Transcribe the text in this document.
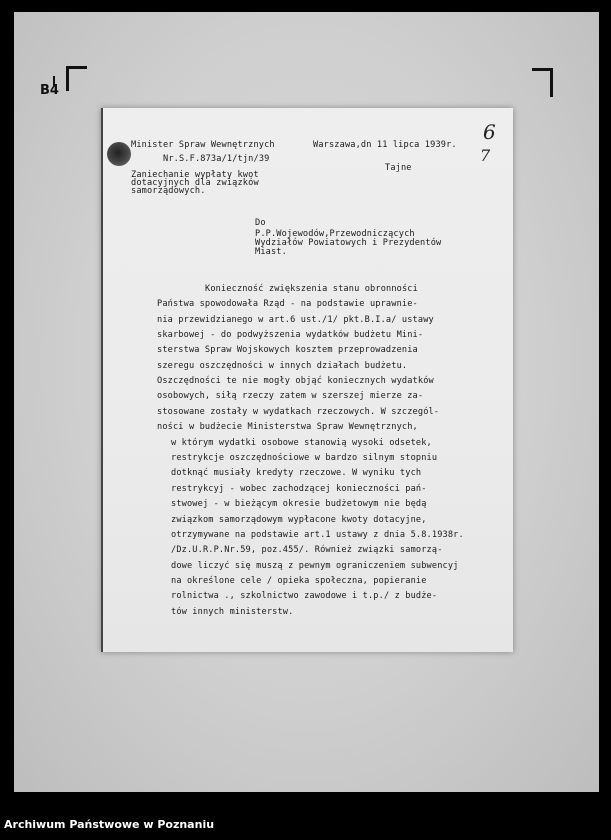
B4
Minister Spraw Wewnętrznych	Warszawa,dn 11 lipca 1939r.
6
7
Nr.S.F.873a/1/tjn/39
Tajne
Zaniechanie wypłaty kwot
dotacyjnych dla związków
samorządowych.
Do
P.P.Wojewodów,Przewodniczących
Wydziałów Powiatowych i Prezydentów
Miast.
Konieczność zwiększenia stanu obronności
Państwa spowodowała Rząd - na podstawie uprawnie-
nia przewidzianego w art.6 ust./1/ pkt.B.I.a/ ustawy
skarbowej - do podwyższenia wydatków budżetu Mini-
sterstwa Spraw Wojskowych kosztem przeprowadzenia
szeregu oszczędności w innych działach budżetu.
Oszczędności te nie mogły objąć koniecznych wydatków
osobowych, siłą rzeczy zatem w szerszej mierze za-
stosowane zostały w wydatkach rzeczowych. W szczegól-
ności w budżecie Ministerstwa Spraw Wewnętrznych,
w którym wydatki osobowe stanowią wysoki odsetek,
restrykcje oszczędnościowe w bardzo silnym stopniu
dotknąć musiały kredyty rzeczowe. W wyniku tych
restrykcyj - wobec zachodzącej konieczności pań-
stwowej - w bieżącym okresie budżetowym nie będą
związkom samorządowym wypłacone kwoty dotacyjne,
otrzymywane na podstawie art.1 ustawy z dnia 5.8.1938r.
/Dz.U.R.P.Nr.59, poz.455/. Również związki samorzą-
dowe liczyć się muszą z pewnym ograniczeniem subwencyj
na określone cele / opieka społeczna, popieranie
rolnictwa ., szkolnictwo zawodowe i t.p./ z budże-
tów innych ministerstw.
Archiwum Państwowe w Poznaniu
